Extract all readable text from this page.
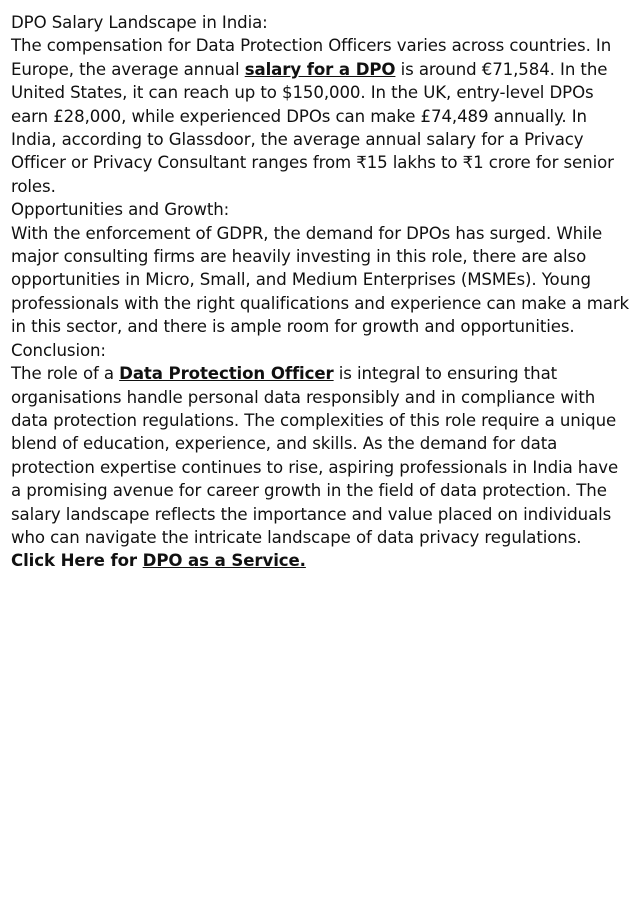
DPO Salary Landscape in India:

The compensation for Data Protection Officers varies across countries. In Europe, the average annual salary for a DPO is around €71,584. In the United States, it can reach up to $150,000. In the UK, entry-level DPOs earn £28,000, while experienced DPOs can make £74,489 annually. In India, according to Glassdoor, the average annual salary for a Privacy Officer or Privacy Consultant ranges from ₹15 lakhs to ₹1 crore for senior roles.

Opportunities and Growth:

With the enforcement of GDPR, the demand for DPOs has surged. While major consulting firms are heavily investing in this role, there are also opportunities in Micro, Small, and Medium Enterprises (MSMEs). Young professionals with the right qualifications and experience can make a mark in this sector, and there is ample room for growth and opportunities.

Conclusion:

The role of a Data Protection Officer is integral to ensuring that organisations handle personal data responsibly and in compliance with data protection regulations. The complexities of this role require a unique blend of education, experience, and skills. As the demand for data protection expertise continues to rise, aspiring professionals in India have a promising avenue for career growth in the field of data protection. The salary landscape reflects the importance and value placed on individuals who can navigate the intricate landscape of data privacy regulations.

Click Here for DPO as a Service.
